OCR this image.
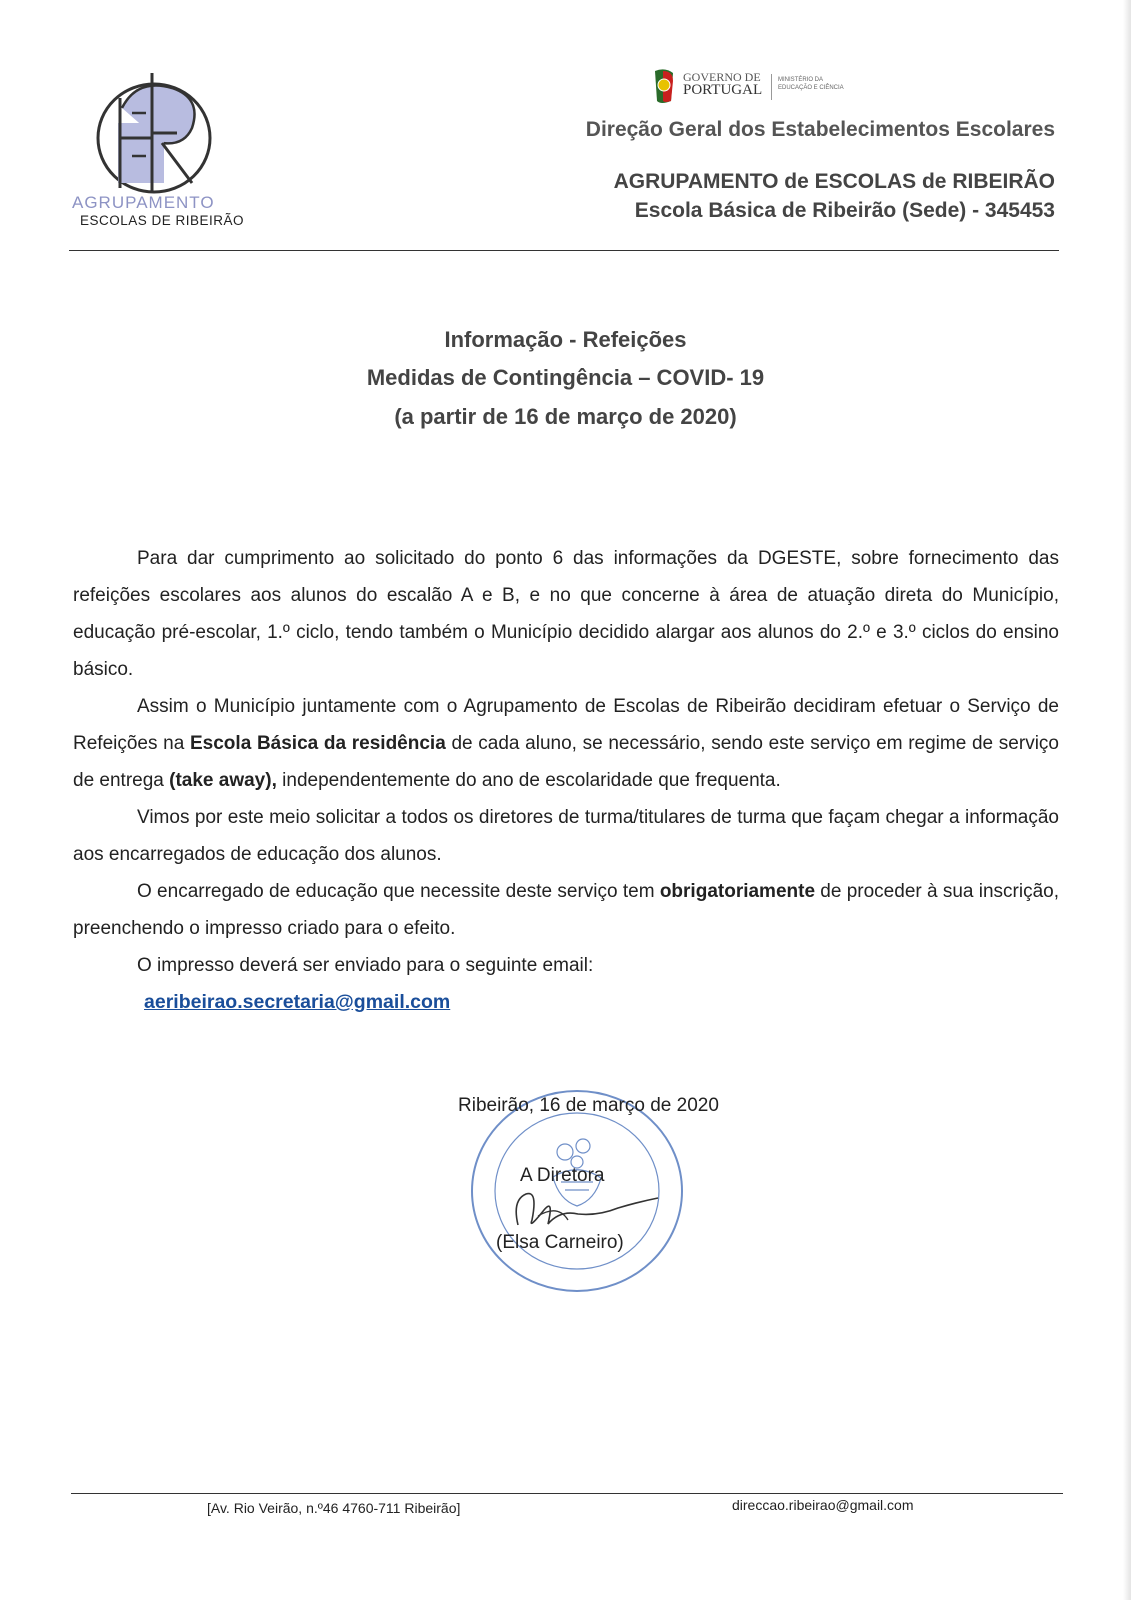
AGRUPAMENTO
ESCOLAS DE RIBEIRÃO
GOVERNO DE
PORTUGAL
MINISTÉRIO DA EDUCAÇÃO E CIÊNCIA
Direção Geral dos Estabelecimentos Escolares
AGRUPAMENTO de ESCOLAS de RIBEIRÃO
Escola Básica de Ribeirão (Sede) - 345453
Informação - Refeições
Medidas de Contingência – COVID- 19
(a partir de 16 de março de 2020)

Para dar cumprimento ao solicitado do ponto 6 das informações da DGESTE, sobre fornecimento das refeições escolares aos alunos do escalão A e B, e no que concerne à área de atuação direta do Município, educação pré-escolar, 1.º ciclo, tendo também o Município decidido alargar aos alunos do 2.º e 3.º ciclos do ensino básico.

Assim o Município juntamente com o Agrupamento de Escolas de Ribeirão decidiram efetuar o Serviço de Refeições na Escola Básica da residência de cada aluno, se necessário, sendo este serviço em regime de serviço de entrega (take away), independentemente do ano de escolaridade que frequenta.

Vimos por este meio solicitar a todos os diretores de turma/titulares de turma que façam chegar a informação aos encarregados de educação dos alunos.

O encarregado de educação que necessite deste serviço tem obrigatoriamente de proceder à sua inscrição, preenchendo o impresso criado para o efeito.

O impresso deverá ser enviado para o seguinte email:

aeribeirao.secretaria@gmail.com

Ribeirão, 16 de março de 2020
A Diretora
(Elsa Carneiro)
[Av. Rio Veirão, n.º46 4760-711 Ribeirão]	direccao.ribeirao@gmail.com
